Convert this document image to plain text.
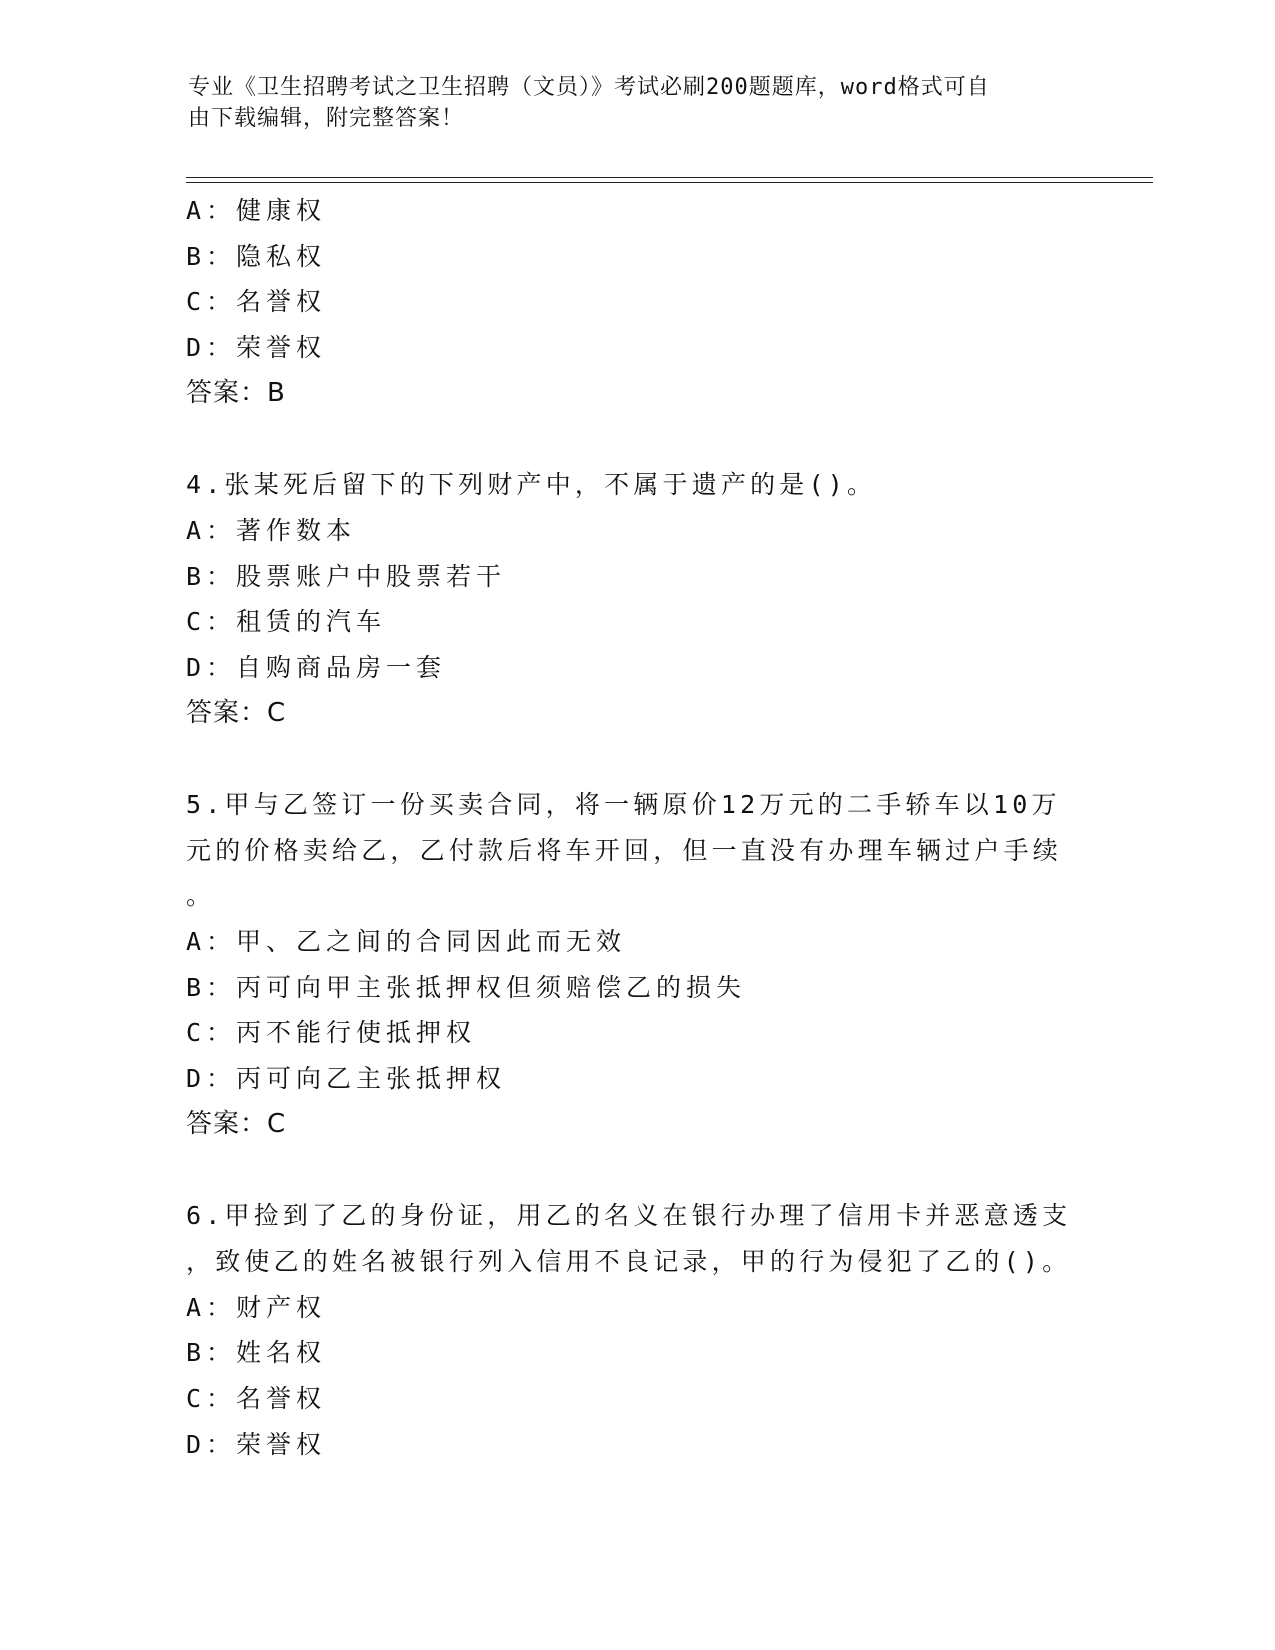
专业《卫生招聘考试之卫生招聘（文员）》考试必刷200题题库，word格式可自
由下载编辑，附完整答案！
A：健康权
B：隐私权
C：名誉权
D：荣誉权
答案：B
4.张某死后留下的下列财产中，不属于遗产的是()。
A：著作数本
B：股票账户中股票若干
C：租赁的汽车
D：自购商品房一套
答案：C
5.甲与乙签订一份买卖合同，将一辆原价12万元的二手轿车以10万
元的价格卖给乙，乙付款后将车开回，但一直没有办理车辆过户手续
。
A：甲、乙之间的合同因此而无效
B：丙可向甲主张抵押权但须赔偿乙的损失
C：丙不能行使抵押权
D：丙可向乙主张抵押权
答案：C
6.甲捡到了乙的身份证，用乙的名义在银行办理了信用卡并恶意透支
，致使乙的姓名被银行列入信用不良记录，甲的行为侵犯了乙的()。
A：财产权
B：姓名权
C：名誉权
D：荣誉权
